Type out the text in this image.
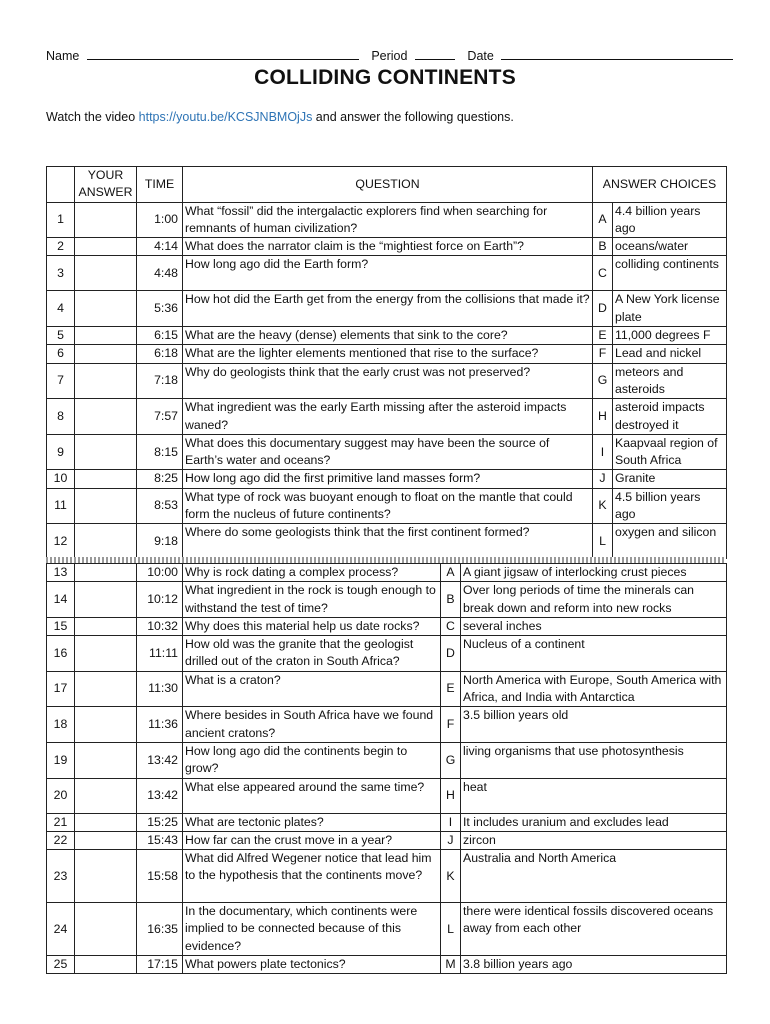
Name	Period	Date
COLLIDING CONTINENTS
Watch the video https://youtu.be/KCSJNBMOjJs and answer the following questions.
	YOUR ANSWER	TIME	QUESTION	ANSWER CHOICES	
1		1:00	What “fossil” did the intergalactic explorers find when searching for remnants of human civilization?	A	4.4 billion years ago
2		4:14	What does the narrator claim is the “mightiest force on Earth”?	B	oceans/water
3		4:48	How long ago did the Earth form?	C	colliding continents
4		5:36	How hot did the Earth get from the energy from the collisions that made it?	D	A New York license plate
5		6:15	What are the heavy (dense) elements that sink to the core?	E	11,000 degrees F
6		6:18	What are the lighter elements mentioned that rise to the surface?	F	Lead and nickel
7		7:18	Why do geologists think that the early crust was not preserved?	G	meteors and asteroids
8		7:57	What ingredient was the early Earth missing after the asteroid impacts waned?	H	asteroid impacts destroyed it
9		8:15	What does this documentary suggest may have been the source of Earth’s water and oceans?	I	Kaapvaal region of South Africa
10		8:25	How long ago did the first primitive land masses form?	J	Granite
11		8:53	What type of rock was buoyant enough to float on the mantle that could form the nucleus of future continents?	K	4.5 billion years ago
12		9:18	Where do some geologists think that the first continent formed?	L	oxygen and silicon
13		10:00	Why is rock dating a complex process?	A	A giant jigsaw of interlocking crust pieces
14		10:12	What ingredient in the rock is tough enough to withstand the test of time?	B	Over long periods of time the minerals can break down and reform into new rocks
15		10:32	Why does this material help us date rocks?	C	several inches
16		11:11	How old was the granite that the geologist drilled out of the craton in South Africa?	D	Nucleus of a continent
17		11:30	What is a craton?	E	North America with Europe, South America with Africa, and India with Antarctica
18		11:36	Where besides in South Africa have we found ancient cratons?	F	3.5 billion years old
19		13:42	How long ago did the continents begin to grow?	G	living organisms that use photosynthesis
20		13:42	What else appeared around the same time?	H	heat
21		15:25	What are tectonic plates?	I	It includes uranium and excludes lead
22		15:43	How far can the crust move in a year?	J	zircon
23		15:58	What did Alfred Wegener notice that lead him to the hypothesis that the continents move?	K	Australia and North America
24		16:35	In the documentary, which continents were implied to be connected because of this evidence?	L	there were identical fossils discovered oceans away from each other
25		17:15	What powers plate tectonics?	M	3.8 billion years ago
